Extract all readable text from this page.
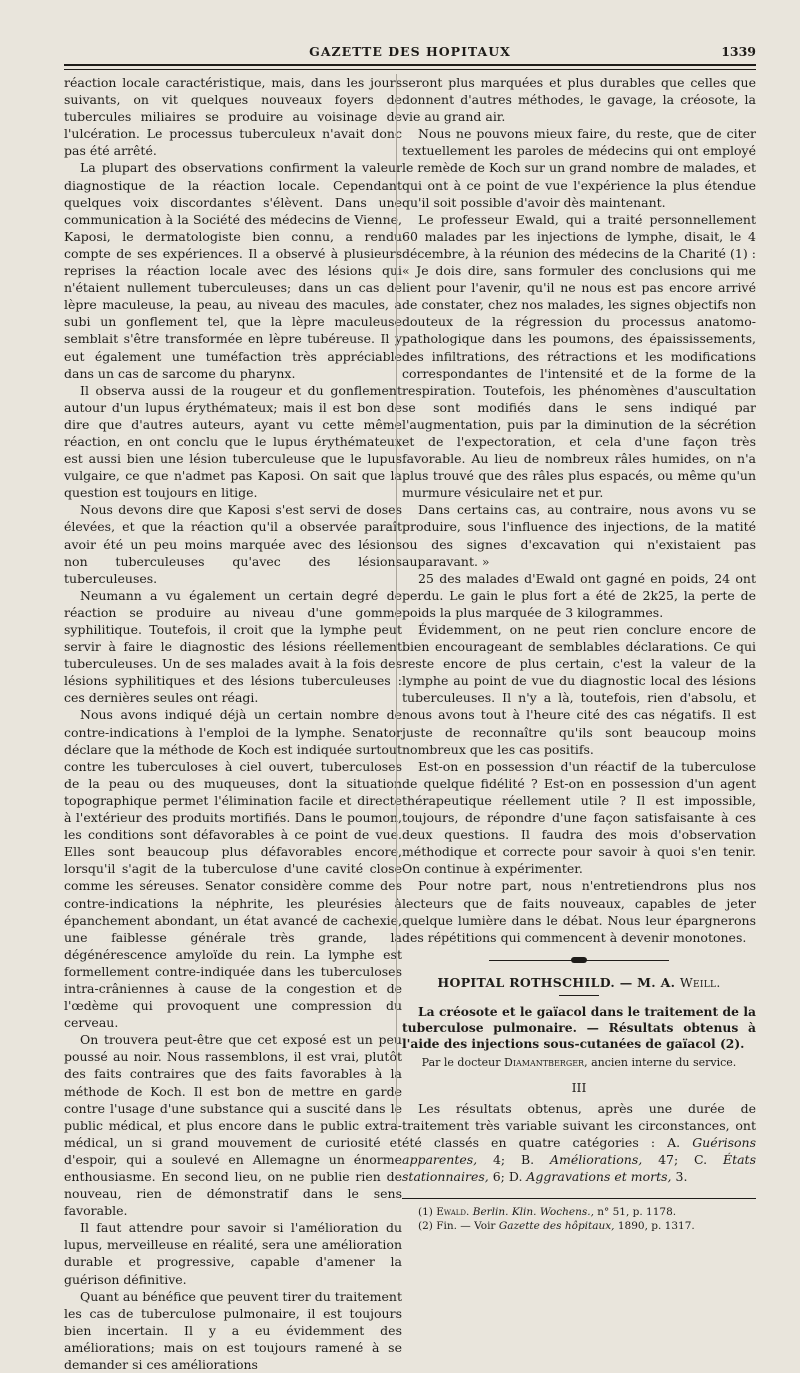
GAZETTE DES HOPITAUX	1339

réaction locale caractéristique, mais, dans les jours suivants, on vit quelques nouveaux foyers de tubercules miliaires se produire au voisinage de l'ulcération. Le processus tuberculeux n'avait donc pas été arrêté.

La plupart des observations confirment la valeur diagnostique de la réaction locale. Cependant quelques voix discordantes s'élèvent. Dans une communication à la Société des médecins de Vienne, Kaposi, le dermatologiste bien connu, a rendu compte de ses expériences. Il a observé à plusieurs reprises la réaction locale avec des lésions qui n'étaient nullement tuberculeuses; dans un cas de lèpre maculeuse, la peau, au niveau des macules, a subi un gonflement tel, que la lèpre maculeuse semblait s'être transformée en lèpre tubéreuse. Il y eut également une tuméfaction très appréciable dans un cas de sarcome du pharynx.

Il observa aussi de la rougeur et du gonflement autour d'un lupus érythémateux; mais il est bon de dire que d'autres auteurs, ayant vu cette même réaction, en ont conclu que le lupus érythémateux est aussi bien une lésion tuberculeuse que le lupus vulgaire, ce que n'admet pas Kaposi. On sait que la question est toujours en litige.

Nous devons dire que Kaposi s'est servi de doses élevées, et que la réaction qu'il a observée paraît avoir été un peu moins marquée avec des lésions non tuberculeuses qu'avec des lésions tuberculeuses.

Neumann a vu également un certain degré de réaction se produire au niveau d'une gomme syphilitique. Toutefois, il croit que la lymphe peut servir à faire le diagnostic des lésions réellement tuberculeuses. Un de ses malades avait à la fois des lésions syphilitiques et des lésions tuberculeuses : ces dernières seules ont réagi.

Nous avons indiqué déjà un certain nombre de contre-indications à l'emploi de la lymphe. Senator déclare que la méthode de Koch est indiquée surtout contre les tuberculoses à ciel ouvert, tuberculoses de la peau ou des muqueuses, dont la situation topographique permet l'élimination facile et directe à l'extérieur des produits mortifiés. Dans le poumon, les conditions sont défavorables à ce point de vue. Elles sont beaucoup plus défavorables encore, lorsqu'il s'agit de la tuberculose d'une cavité close comme les séreuses. Senator considère comme des contre-indications la néphrite, les pleurésies à épanchement abondant, un état avancé de cachexie, une faiblesse générale très grande, la dégénérescence amyloïde du rein. La lymphe est formellement contre-indiquée dans les tuberculoses intra-crâniennes à cause de la congestion et de l'œdème qui provoquent une compression du cerveau.

On trouvera peut-être que cet exposé est un peu poussé au noir. Nous rassemblons, il est vrai, plutôt des faits contraires que des faits favorables à la méthode de Koch. Il est bon de mettre en garde contre l'usage d'une substance qui a suscité dans le public médical, et plus encore dans le public extra-médical, un si grand mouvement de curiosité et d'espoir, qui a soulevé en Allemagne un énorme enthousiasme. En second lieu, on ne publie rien de nouveau, rien de démonstratif dans le sens favorable.

Il faut attendre pour savoir si l'amélioration du lupus, merveilleuse en réalité, sera une amélioration durable et progressive, capable d'amener la guérison définitive.

Quant au bénéfice que peuvent tirer du traitement les cas de tuberculose pulmonaire, il est toujours bien incertain. Il y a eu évidemment des améliorations; mais on est toujours ramené à se demander si ces améliorations

seront plus marquées et plus durables que celles que donnent d'autres méthodes, le gavage, la créosote, la vie au grand air.

Nous ne pouvons mieux faire, du reste, que de citer textuellement les paroles de médecins qui ont employé le remède de Koch sur un grand nombre de malades, et qui ont à ce point de vue l'expérience la plus étendue qu'il soit possible d'avoir dès maintenant.

Le professeur Ewald, qui a traité personnellement 60 malades par les injections de lymphe, disait, le 4 décembre, à la réunion des médecins de la Charité (1) : « Je dois dire, sans formuler des conclusions qui me lient pour l'avenir, qu'il ne nous est pas encore arrivé de constater, chez nos malades, les signes objectifs non douteux de la régression du processus anatomo-pathologique dans les poumons, des épaississements, des infiltrations, des rétractions et les modifications correspondantes de l'intensité et de la forme de la respiration. Toutefois, les phénomènes d'auscultation se sont modifiés dans le sens indiqué par l'augmentation, puis par la diminution de la sécrétion et de l'expectoration, et cela d'une façon très favorable. Au lieu de nombreux râles humides, on n'a plus trouvé que des râles plus espacés, ou même qu'un murmure vésiculaire net et pur.

Dans certains cas, au contraire, nous avons vu se produire, sous l'influence des injections, de la matité ou des signes d'excavation qui n'existaient pas auparavant. »

25 des malades d'Ewald ont gagné en poids, 24 ont perdu. Le gain le plus fort a été de 2k25, la perte de poids la plus marquée de 3 kilogrammes.

Évidemment, on ne peut rien conclure encore de bien encourageant de semblables déclarations. Ce qui reste encore de plus certain, c'est la valeur de la lymphe au point de vue du diagnostic local des lésions tuberculeuses. Il n'y a là, toutefois, rien d'absolu, et nous avons tout à l'heure cité des cas négatifs. Il est juste de reconnaître qu'ils sont beaucoup moins nombreux que les cas positifs.

Est-on en possession d'un réactif de la tuberculose de quelque fidélité ? Est-on en possession d'un agent thérapeutique réellement utile ? Il est impossible, toujours, de répondre d'une façon satisfaisante à ces deux questions. Il faudra des mois d'observation méthodique et correcte pour savoir à quoi s'en tenir. On continue à expérimenter.

Pour notre part, nous n'entretiendrons plus nos lecteurs que de faits nouveaux, capables de jeter quelque lumière dans le débat. Nous leur épargnerons des répétitions qui commencent à devenir monotones.

HOPITAL ROTHSCHILD. — M. A. Weill.

La créosote et le gaïacol dans le traitement de la tuberculose pulmonaire. — Résultats obtenus à l'aide des injections sous-cutanées de gaïacol (2).

Par le docteur Diamantberger, ancien interne du service.
III

Les résultats obtenus, après une durée de traitement très variable suivant les circonstances, ont été classés en quatre catégories : A. Guérisons apparentes, 4; B. Améliorations, 47; C. États stationnaires, 6; D. Aggravations et morts, 3.

(1) Ewald. Berlin. Klin. Wochens., n° 51, p. 1178.

(2) Fin. — Voir Gazette des hôpitaux, 1890, p. 1317.
